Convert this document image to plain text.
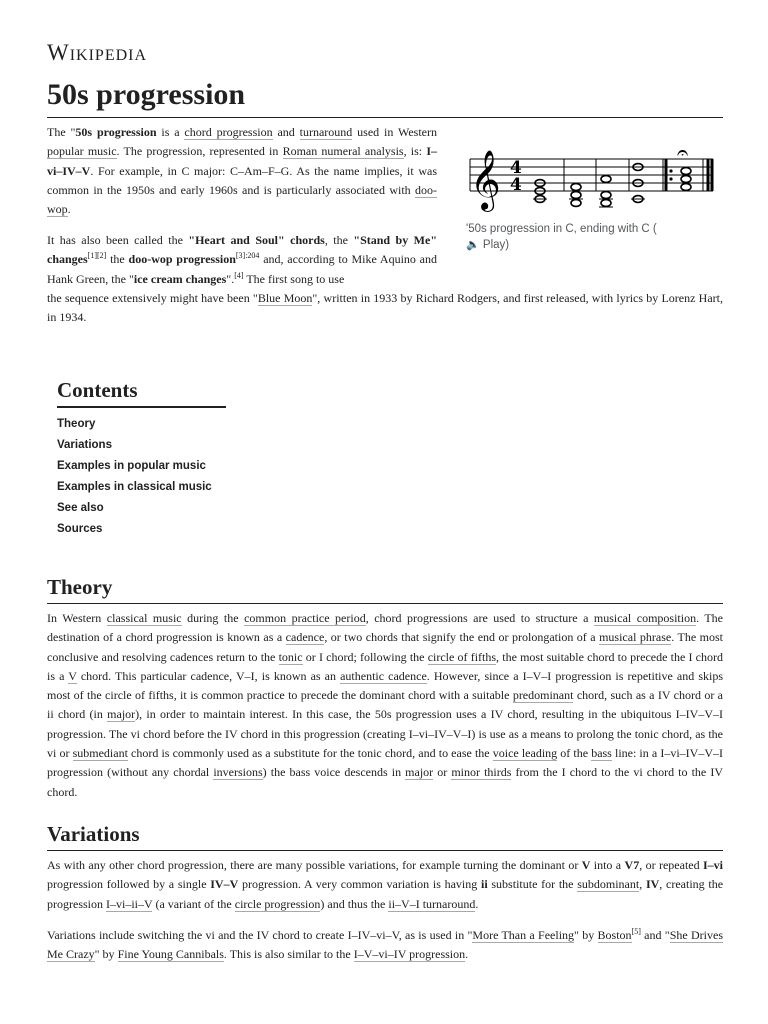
Wikipedia
50s progression
The "50s progression is a chord progression and turnaround used in Western popular music. The progression, represented in Roman numeral analysis, is: I–vi–IV–V. For example, in C major: C–Am–F–G. As the name implies, it was common in the 1950s and early 1960s and is particularly associated with doo-wop.
It has also been called the "Heart and Soul" chords, the "Stand by Me" changes[1][2] the doo-wop progression$^{[3]:204}$ and, according to Mike Aquino and Hank Green, the "ice cream changes".[4] The first song to use
the sequence extensively might have been "Blue Moon", written in 1933 by Richard Rodgers, and first released, with lyrics by Lorenz Hart, in 1934.
𝄞 4
4
𝄐
'50s progression in C, ending with C (
🔈 Play)
Contents
Theory
Variations
Examples in popular music
Examples in classical music
See also
Sources
Theory
In Western classical music during the common practice period, chord progressions are used to structure a musical composition. The destination of a chord progression is known as a cadence, or two chords that signify the end or prolongation of a musical phrase. The most conclusive and resolving cadences return to the tonic or I chord; following the circle of fifths, the most suitable chord to precede the I chord is a V chord. This particular cadence, V–I, is known as an authentic cadence. However, since a I–V–I progression is repetitive and skips most of the circle of fifths, it is common practice to precede the dominant chord with a suitable predominant chord, such as a IV chord or a ii chord (in major), in order to maintain interest. In this case, the 50s progression uses a IV chord, resulting in the ubiquitous I–IV–V–I progression. The vi chord before the IV chord in this progression (creating I–vi–IV–V–I) is use as a means to prolong the tonic chord, as the vi or submediant chord is commonly used as a substitute for the tonic chord, and to ease the voice leading of the bass line: in a I–vi–IV–V–I progression (without any chordal inversions) the bass voice descends in major or minor thirds from the I chord to the vi chord to the IV chord.
Variations
As with any other chord progression, there are many possible variations, for example turning the dominant or V into a V7, or repeated I–vi progression followed by a single IV–V progression. A very common variation is having ii substitute for the subdominant, IV, creating the progression I–vi–ii–V (a variant of the circle progression) and thus the ii–V–I turnaround.
Variations include switching the vi and the IV chord to create I–IV–vi–V, as is used in "More Than a Feeling" by Boston[5] and "She Drives Me Crazy" by Fine Young Cannibals. This is also similar to the I–V–vi–IV progression.
